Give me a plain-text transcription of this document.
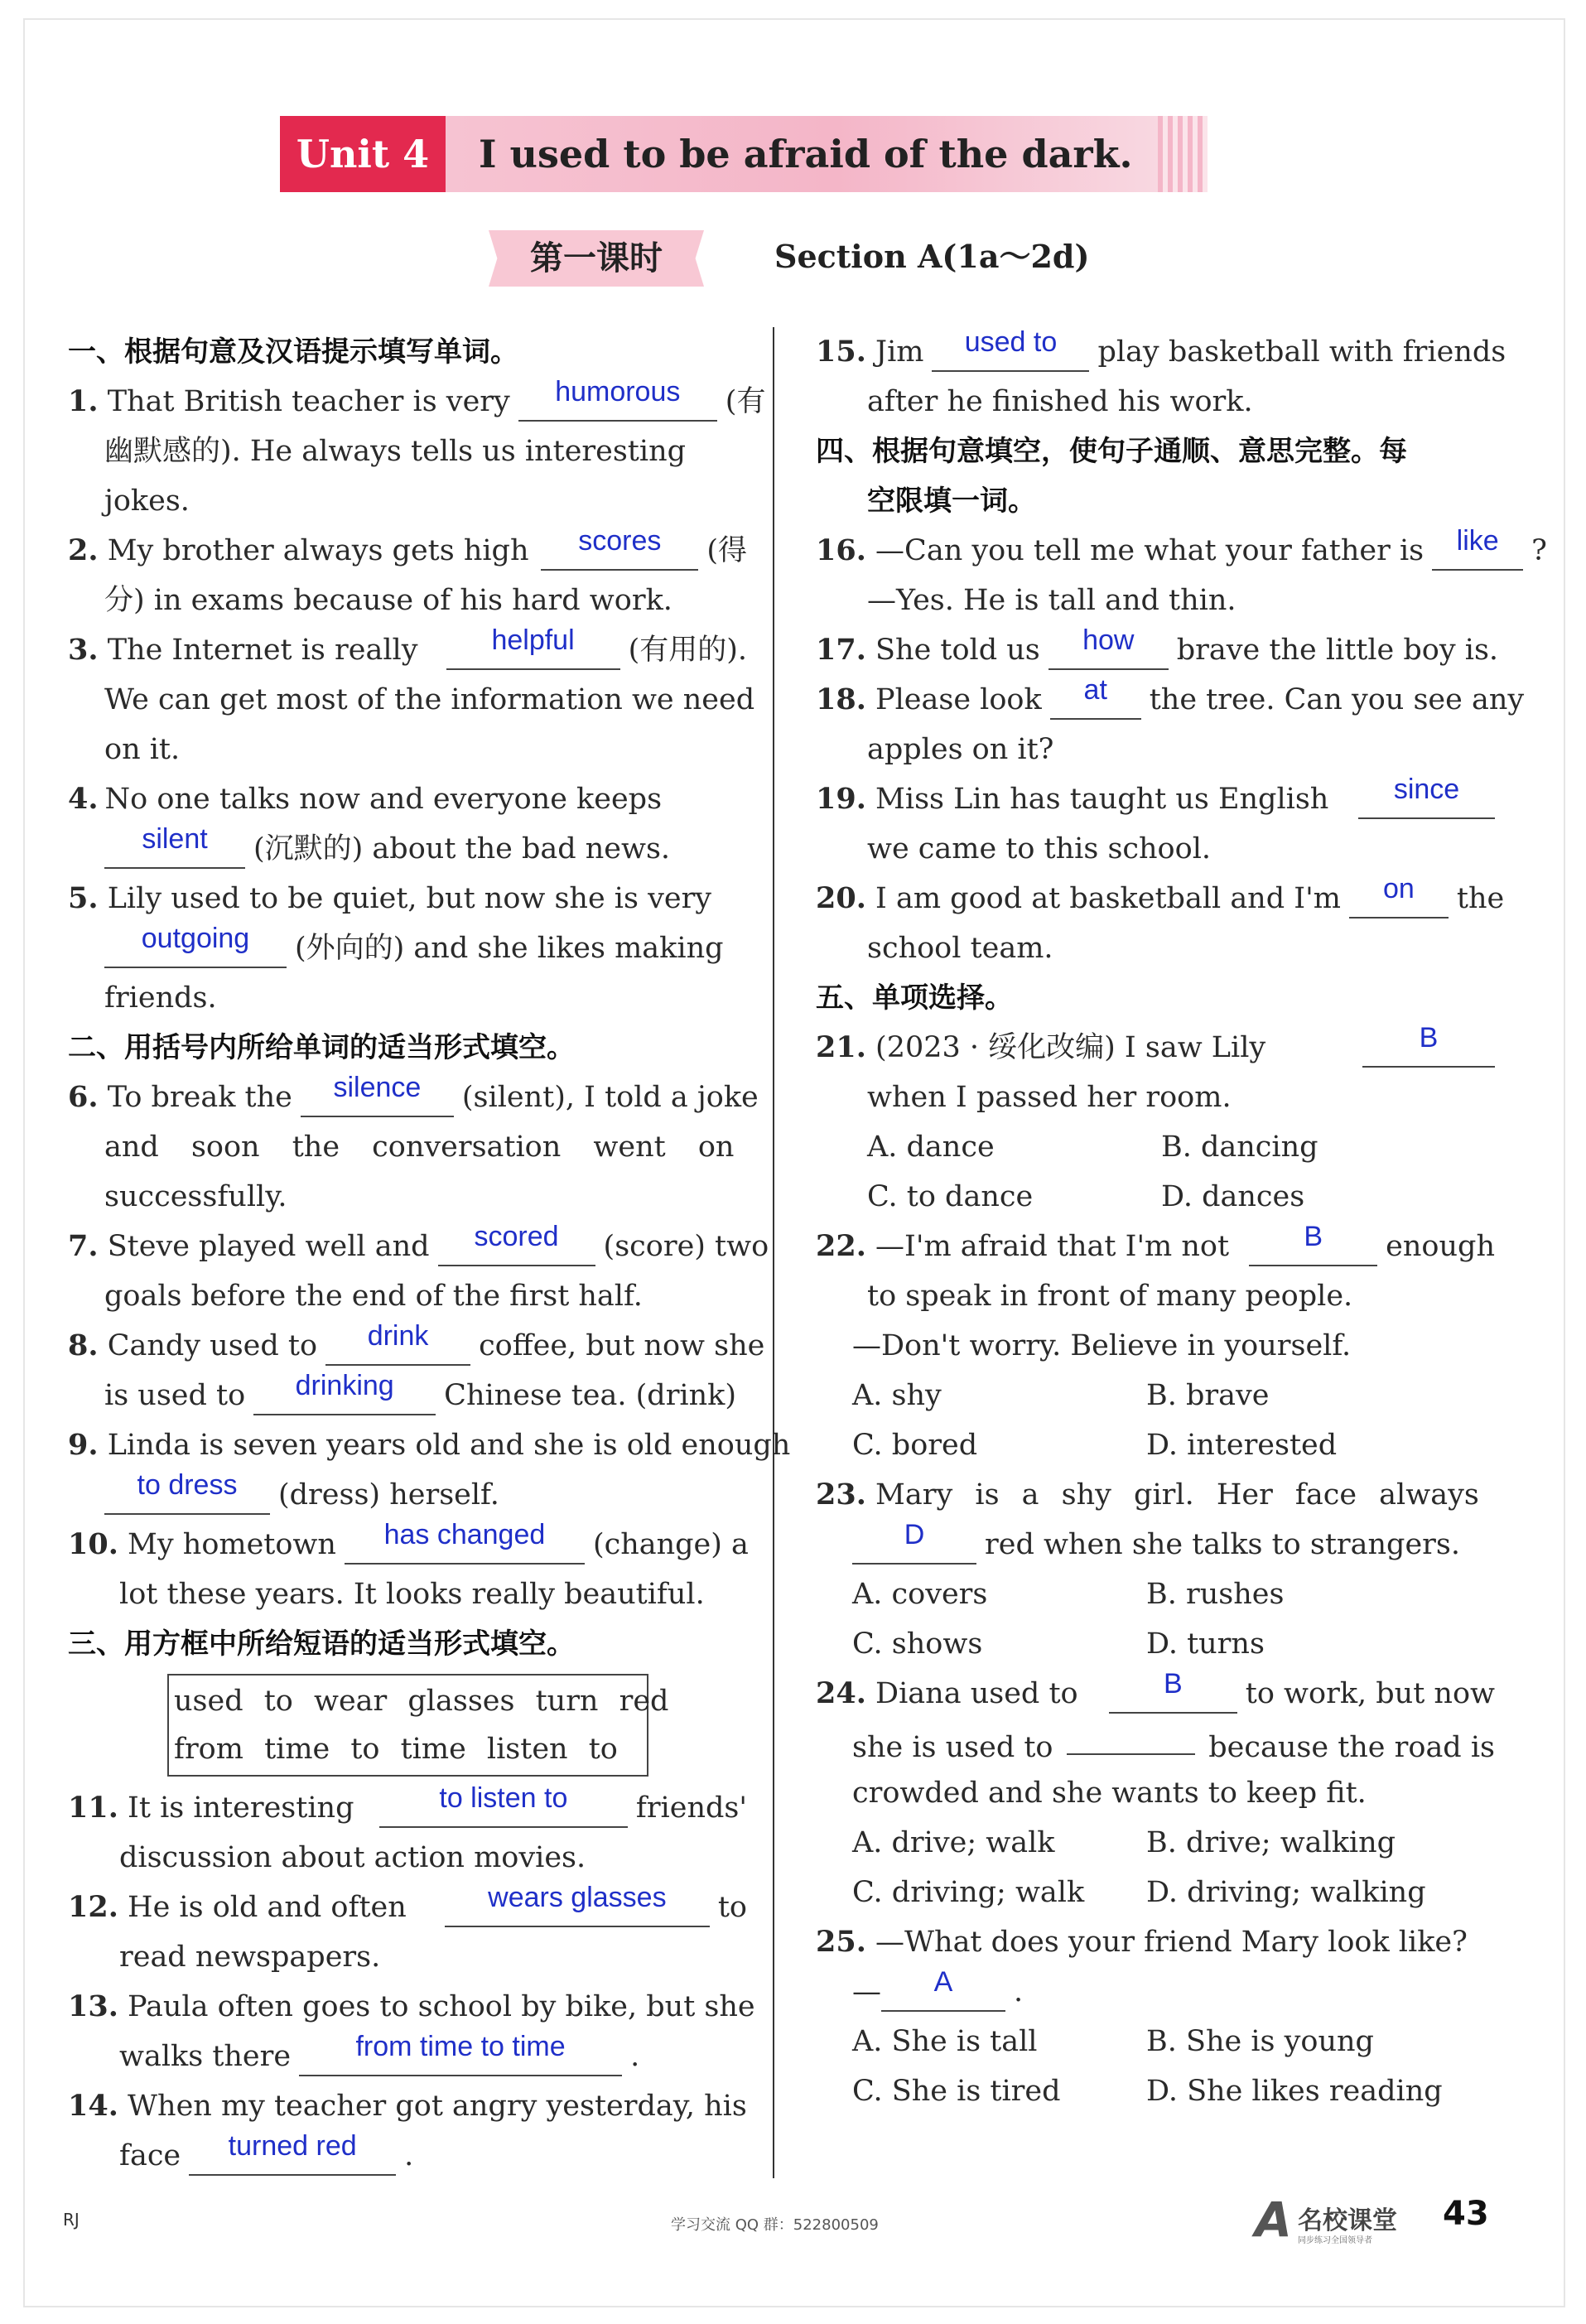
Unit 4	I used to be afraid of the dark.
第一课时	Section A(1a～2d)
一、根据句意及汉语提示填写单词。
1. That British teacher is very	humorous (有
幽默感的). He always tells us interesting
jokes.
2. My brother always gets high	scores (得
分) in exams because of his hard work.
3. The Internet is really	helpful (有用的).
We can get most of the information we need
on it.
4. No one talks now and everyone keeps
silent (沉默的) about the bad news.
5. Lily used to be quiet, but now she is very
outgoing (外向的) and she likes making
friends.
二、用括号内所给单词的适当形式填空。
6. To break the silence (silent), I told a joke
and soon the conversation went on
successfully.
7. Steve played well and	scored (score) two
goals before the end of the first half.
8. Candy used to drink coffee, but now she
is used to drinking Chinese tea. (drink)
9. Linda is seven years old and she is old enough
to dress (dress) herself.
10. My hometown	has changed (change) a
lot these years. It looks really beautiful.
三、用方框中所给短语的适当形式填空。
used to wear glasses turn red
from time to time listen to
11. It is interesting	to listen to friends'
discussion about action movies.
12. He is old and often	wears glasses to
read newspapers.
13. Paula often goes to school by bike, but she
walks there from time to time .
14. When my teacher got angry yesterday, his
face turned red .
15. Jim	used to play basketball with friends
after he finished his work.
四、根据句意填空，使句子通顺、意思完整。每
空限填一词。
16. —Can you tell me what your father is	like ?
—Yes. He is tall and thin.
17. She told us how brave the little boy is.
18. Please look	at the tree. Can you see any
apples on it?
19. Miss Lin has taught us English	since
we came to this school.
20. I am good at basketball and I'm	on the
school team.
五、单项选择。
21. (2023 · 绥化改编) I saw Lily	B
when I passed her room.
A. dance	B. dancing
C. to dance	D. dances
22. —I'm afraid that I'm not	B enough
to speak in front of many people.
—Don't worry. Believe in yourself.
A. shy	B. brave
C. bored	D. interested
23. Mary is a shy girl. Her face always
D red when she talks to strangers.
A. covers	B. rushes
C. shows	D. turns
24. Diana used to	B to work, but now
she is used to	because the road is
crowded and she wants to keep fit.
A. drive; walk	B. drive; walking
C. driving; walk D. driving; walking
25. —What does your friend Mary look like?
— A .
A. She is tall	B. She is young
C. She is tired	D. She likes reading
RJ	学习交流 QQ 群：522800509	A 名校课堂
同步练习全国领导者
43
